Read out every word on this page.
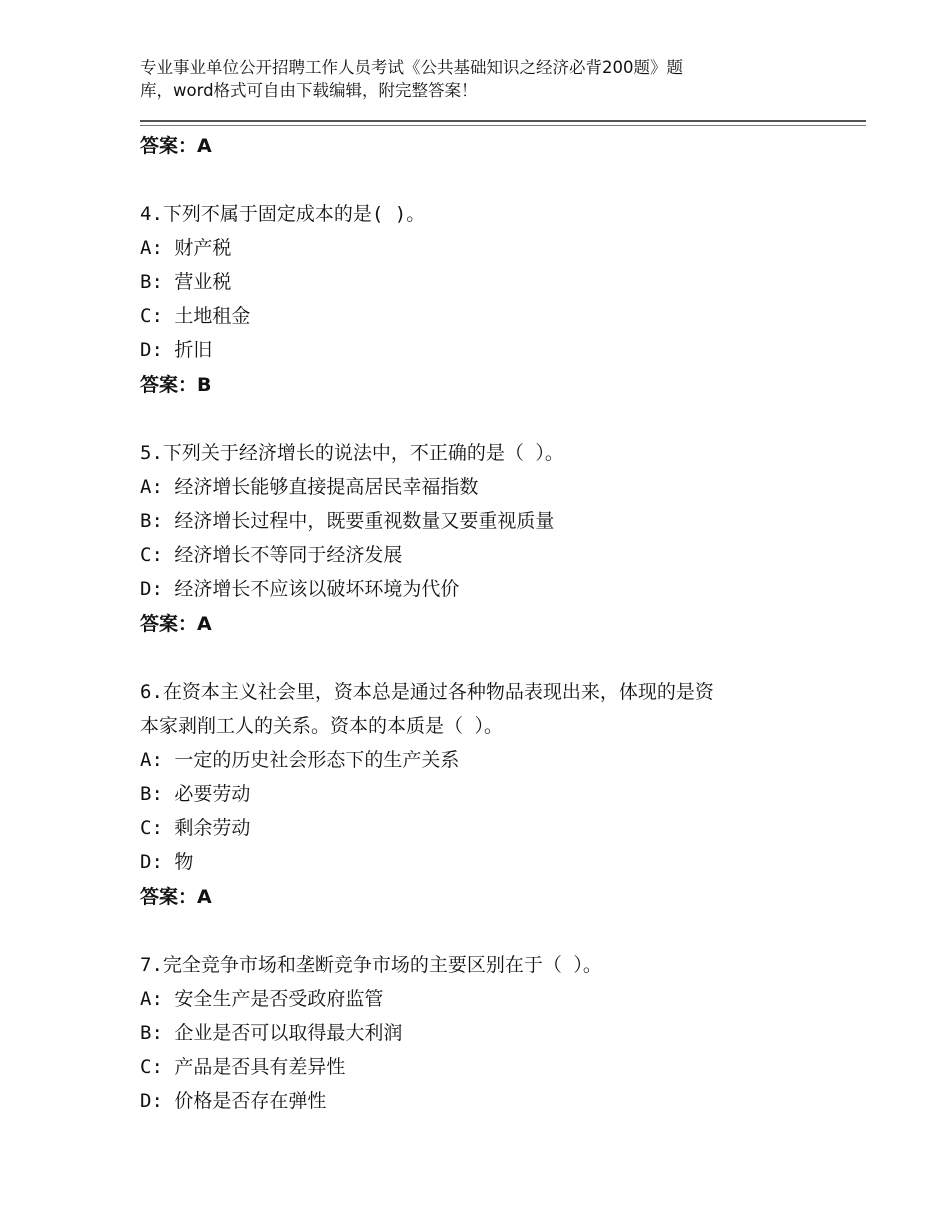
专业事业单位公开招聘工作人员考试《公共基础知识之经济必背200题》题
库，word格式可自由下载编辑，附完整答案！
答案：A
4.下列不属于固定成本的是( )。
A: 财产税
B: 营业税
C: 土地租金
D: 折旧
答案：B
5.下列关于经济增长的说法中，不正确的是（ ）。
A: 经济增长能够直接提高居民幸福指数
B: 经济增长过程中，既要重视数量又要重视质量
C: 经济增长不等同于经济发展
D: 经济增长不应该以破坏环境为代价
答案：A
6.在资本主义社会里，资本总是通过各种物品表现出来，体现的是资
本家剥削工人的关系。资本的本质是（ ）。
A: 一定的历史社会形态下的生产关系
B: 必要劳动
C: 剩余劳动
D: 物
答案：A
7.完全竞争市场和垄断竞争市场的主要区别在于（ ）。
A: 安全生产是否受政府监管
B: 企业是否可以取得最大利润
C: 产品是否具有差异性
D: 价格是否存在弹性
